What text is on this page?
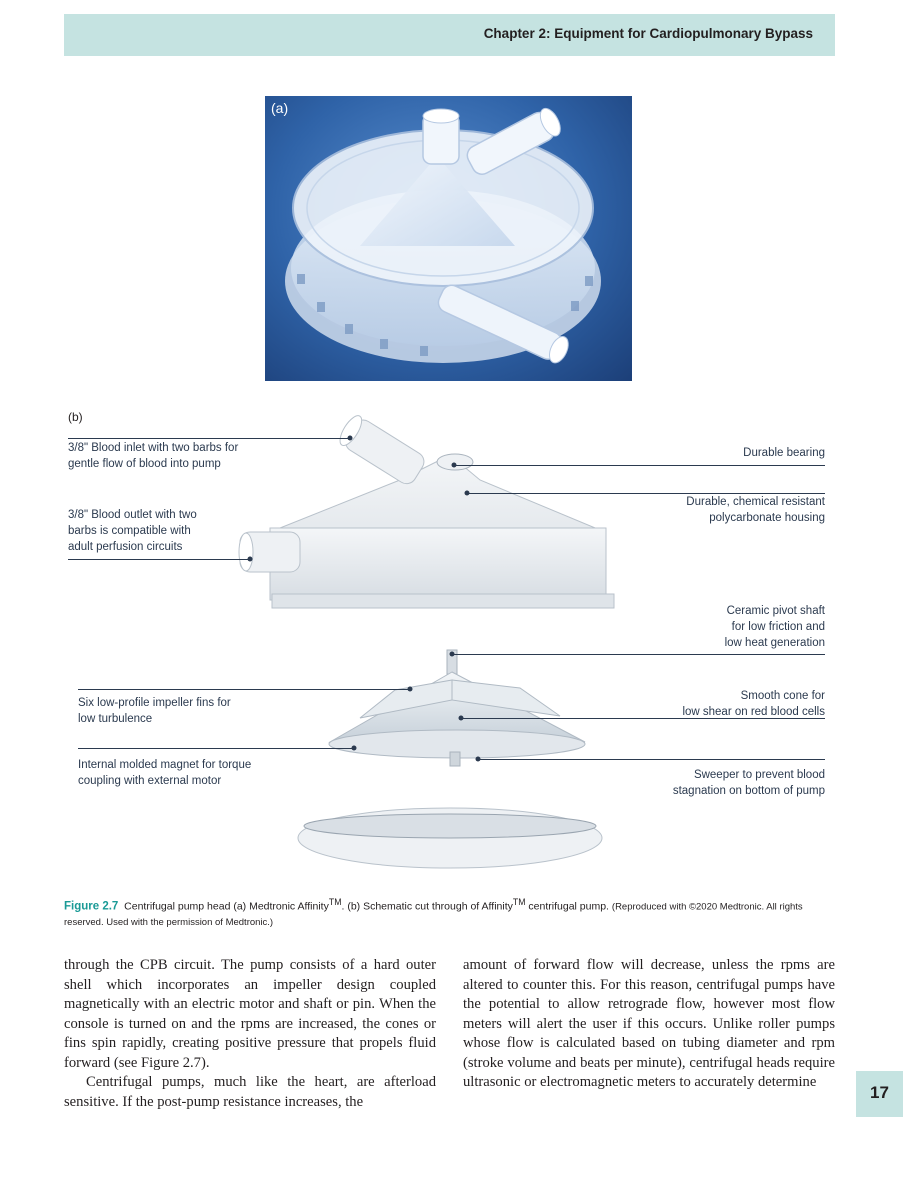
Chapter 2: Equipment for Cardiopulmonary Bypass
(a)
(b)
3/8" Blood inlet with two barbs for
gentle flow of blood into pump
3/8" Blood outlet with two
barbs is compatible with
adult perfusion circuits
Six low-profile impeller fins for
low turbulence
Internal molded magnet for torque
coupling with external motor
Durable bearing
Durable, chemical resistant
polycarbonate housing
Ceramic pivot shaft
for low friction and
low heat generation
Smooth cone for
low shear on red blood cells
Sweeper to prevent blood
stagnation on bottom of pump
Figure 2.7 Centrifugal pump head (a) Medtronic Affinity™. (b) Schematic cut through of Affinity™ centrifugal pump. (Reproduced with ©2020 Medtronic. All rights reserved. Used with the permission of Medtronic.)

through the CPB circuit. The pump consists of a hard outer shell which incorporates an impeller design coupled magnetically with an electric motor and shaft or pin. When the console is turned on and the rpms are increased, the cones or fins spin rapidly, creating positive pressure that propels fluid forward (see Figure 2.7).

Centrifugal pumps, much like the heart, are afterload sensitive. If the post-pump resistance increases, the

amount of forward flow will decrease, unless the rpms are altered to counter this. For this reason, centrifugal pumps have the potential to allow retrograde flow, however most flow meters will alert the user if this occurs. Unlike roller pumps whose flow is calculated based on tubing diameter and rpm (stroke volume and beats per minute), centrifugal heads require ultrasonic or electromagnetic meters to accurately determine

17
